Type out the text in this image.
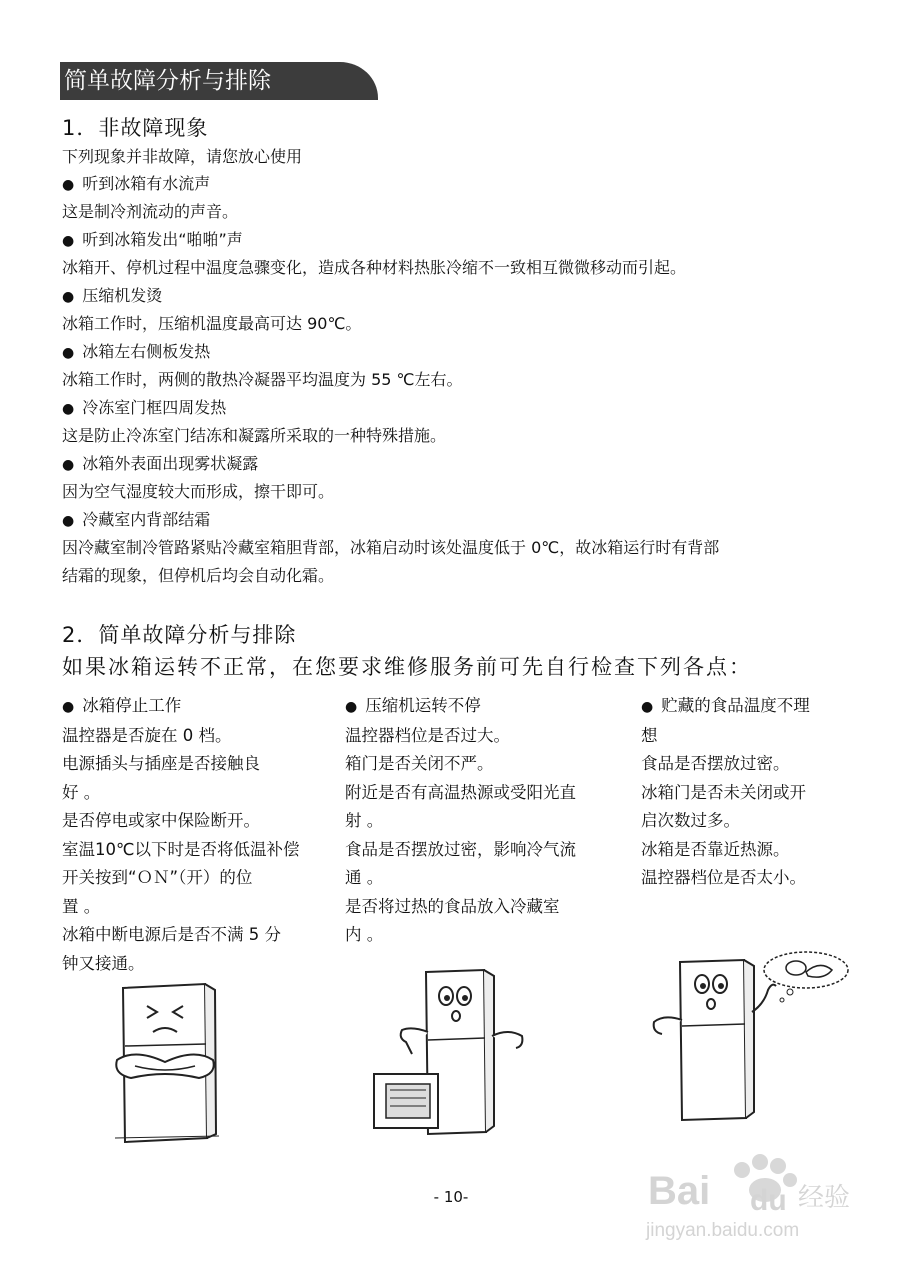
简单故障分析与排除
1．非故障现象
下列现象并非故障，请您放心使用
● 听到冰箱有水流声
这是制冷剂流动的声音。
● 听到冰箱发出“啪啪”声
冰箱开、停机过程中温度急骤变化，造成各种材料热胀冷缩不一致相互微微移动而引起。
● 压缩机发烫
冰箱工作时，压缩机温度最高可达 90℃。
● 冰箱左右侧板发热
冰箱工作时，两侧的散热冷凝器平均温度为 55 ℃左右。
● 冷冻室门框四周发热
这是防止冷冻室门结冻和凝露所采取的一种特殊措施。
● 冰箱外表面出现雾状凝露
因为空气湿度较大而形成，擦干即可。
● 冷藏室内背部结霜
因冷藏室制冷管路紧贴冷藏室箱胆背部，冰箱启动时该处温度低于 0℃，故冰箱运行时有背部
结霜的现象，但停机后均会自动化霜。
2．简单故障分析与排除
如果冰箱运转不正常，在您要求维修服务前可先自行检查下列各点：
● 冰箱停止工作
温控器是否旋在 0 档。
电源插头与插座是否接触良
好 。
是否停电或家中保险断开。
室温10℃以下时是否将低温补偿
开关按到“ＯＮ”（开）的位
置 。
冰箱中断电源后是否不满 5 分
钟又接通。
● 压缩机运转不停
温控器档位是否过大。
箱门是否关闭不严。
附近是否有高温热源或受阳光直
射 。
食品是否摆放过密，影响冷气流
通 。
是否将过热的食品放入冷藏室
内 。
● 贮藏的食品温度不理
想
食品是否摆放过密。
冰箱门是否未关闭或开
启次数过多。
冰箱是否靠近热源。
温控器档位是否太小。
- 10-	Bai du 经验
jingyan.baidu.com
